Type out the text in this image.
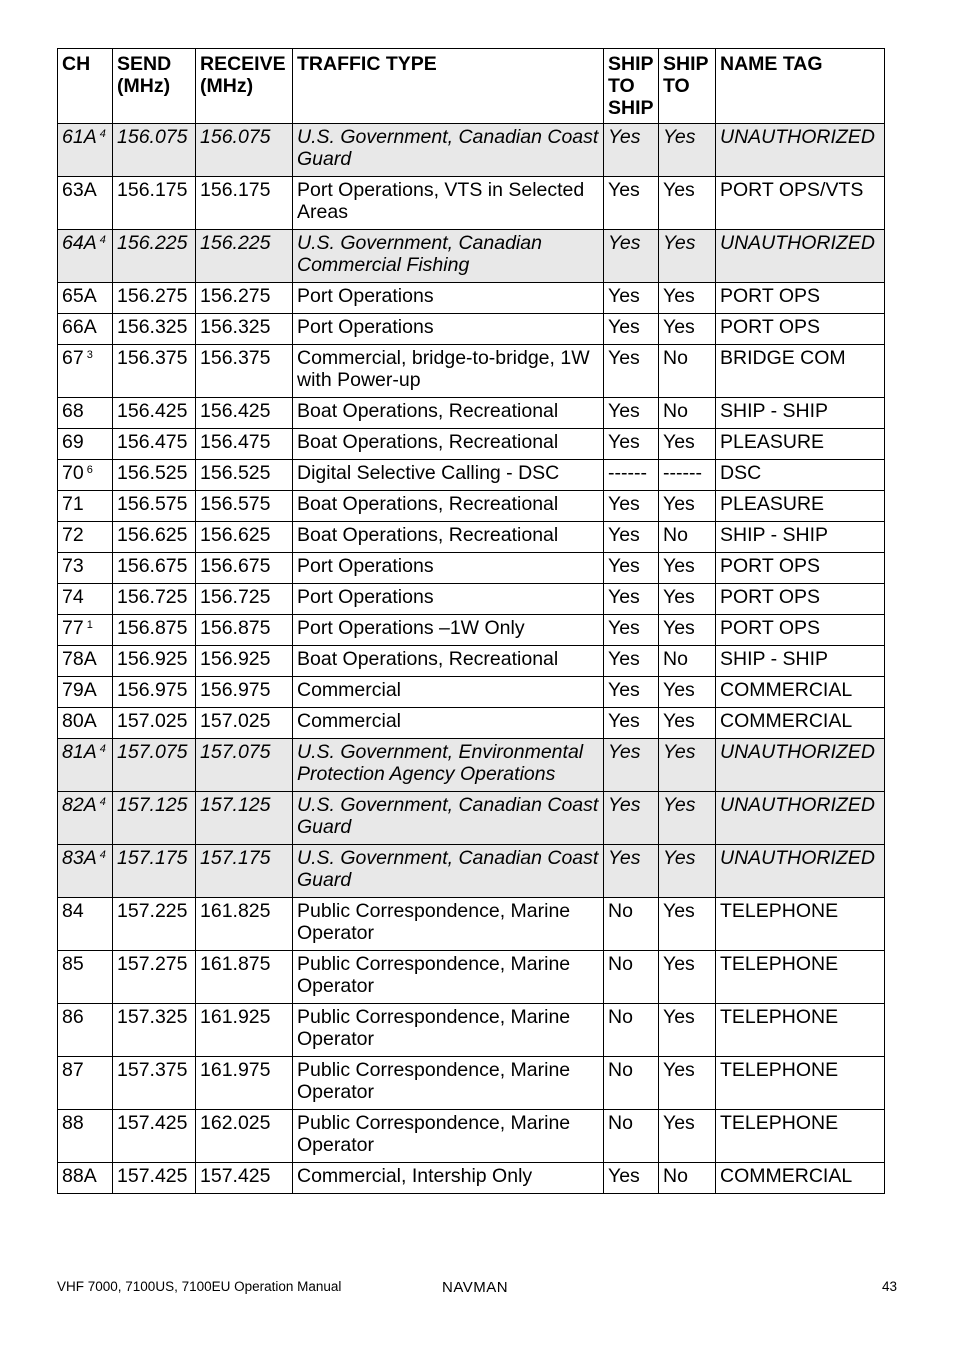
CH	SEND (MHz)	RECEIVE (MHz)	TRAFFIC TYPE	SHIP TO SHIP	SHIP TO	NAME TAG
61A $^4$	156.075	156.075	U.S. Government, Canadian Coast Guard	Yes	Yes	UNAUTHORIZED
63A	156.175	156.175	Port Operations, VTS in Selected Areas	Yes	Yes	PORT OPS/VTS
64A $^4$	156.225	156.225	U.S. Government, Canadian Commercial Fishing	Yes	Yes	UNAUTHORIZED
65A	156.275	156.275	Port Operations	Yes	Yes	PORT OPS
66A	156.325	156.325	Port Operations	Yes	Yes	PORT OPS
67 $^3$	156.375	156.375	Commercial, bridge-to-bridge, 1W with Power-up	Yes	No	BRIDGE COM
68	156.425	156.425	Boat Operations, Recreational	Yes	No	SHIP - SHIP
69	156.475	156.475	Boat Operations, Recreational	Yes	Yes	PLEASURE
70 $^6$	156.525	156.525	Digital Selective Calling - DSC	------	------	DSC
71	156.575	156.575	Boat Operations, Recreational	Yes	Yes	PLEASURE
72	156.625	156.625	Boat Operations, Recreational	Yes	No	SHIP - SHIP
73	156.675	156.675	Port Operations	Yes	Yes	PORT OPS
74	156.725	156.725	Port Operations	Yes	Yes	PORT OPS
77 $^1$	156.875	156.875	Port Operations –1W Only	Yes	Yes	PORT OPS
78A	156.925	156.925	Boat Operations, Recreational	Yes	No	SHIP - SHIP
79A	156.975	156.975	Commercial	Yes	Yes	COMMERCIAL
80A	157.025	157.025	Commercial	Yes	Yes	COMMERCIAL
81A $^4$	157.075	157.075	U.S. Government, Environmental Protection Agency Operations	Yes	Yes	UNAUTHORIZED
82A $^4$	157.125	157.125	U.S. Government, Canadian Coast Guard	Yes	Yes	UNAUTHORIZED
83A $^4$	157.175	157.175	U.S. Government, Canadian Coast Guard	Yes	Yes	UNAUTHORIZED
84	157.225	161.825	Public Correspondence, Marine Operator	No	Yes	TELEPHONE
85	157.275	161.875	Public Correspondence, Marine Operator	No	Yes	TELEPHONE
86	157.325	161.925	Public Correspondence, Marine Operator	No	Yes	TELEPHONE
87	157.375	161.975	Public Correspondence, Marine Operator	No	Yes	TELEPHONE
88	157.425	162.025	Public Correspondence, Marine Operator	No	Yes	TELEPHONE
88A	157.425	157.425	Commercial, Intership Only	Yes	No	COMMERCIAL
VHF 7000, 7100US, 7100EU Operation Manual	NAVMAN	43
